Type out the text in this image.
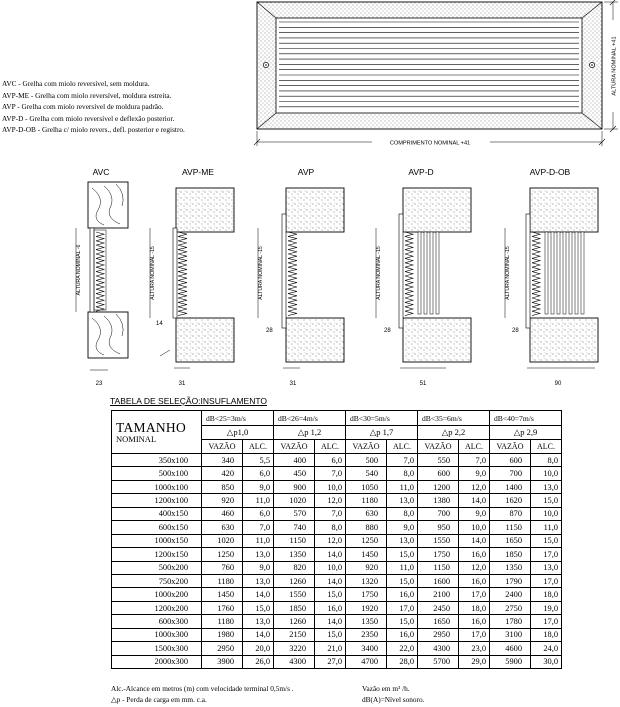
COMPRIMENTO NOMINAL +41
ALTURA NOMINAL +41
AVC - Grelha com miolo reversível, sem moldura.
AVP-ME - Grelha com miolo reversível, moldura estreita.
AVP - Grelha com miolo reversível de moldura padrão.
AVP-D - Grelha com miolo reversível e deflexão posterior.
AVP-D-OB - Grelha c/ miolo revers., defl. posterior e registro.
AVC	AVP-ME	AVP	AVP-D	AVP-D-OB
ALTURA NOMINAL -6
23
ALTURA NOMINAL -15
14
31
ALTURA NOMINAL -15
28
31
ALTURA NOMINAL -15
28
51
ALTURA NOMINAL -15
28
90
TABELA DE SELEÇÃO:INSUFLAMENTO
TAMANHO
NOMINAL	dB<25=3m/s		dB<26=4m/s		dB<30=5m/s		dB<35=6m/s		dB<40=7m/s	
	△p1,0		△p 1,2		△p 1,7		△p 2,2		△p 2,9	
	VAZÃO	ALC.	VAZÃO	ALC.	VAZÃO	ALC.	VAZÃO	ALC.	VAZÃO	ALC.
350x100	340	5,5	400	6,0	500	7,0	550	7,0	600	8,0
500x100	420	6,0	450	7,0	540	8,0	600	9,0	700	10,0
1000x100	850	9,0	900	10,0	1050	11,0	1200	12,0	1400	13,0
1200x100	920	11,0	1020	12,0	1180	13,0	1380	14,0	1620	15,0
400x150	460	6,0	570	7,0	630	8,0	700	9,0	870	10,0
600x150	630	7,0	740	8,0	880	9,0	950	10,0	1150	11,0
1000x150	1020	11,0	1150	12,0	1250	13,0	1550	14,0	1650	15,0
1200x150	1250	13,0	1350	14,0	1450	15,0	1750	16,0	1850	17,0
500x200	760	9,0	820	10,0	920	11,0	1150	12,0	1350	13,0
750x200	1180	13,0	1260	14,0	1320	15,0	1600	16,0	1790	17,0
1000x200	1450	14,0	1550	15,0	1750	16,0	2100	17,0	2400	18,0
1200x200	1760	15,0	1850	16,0	1920	17,0	2450	18,0	2750	19,0
600x300	1180	13,0	1260	14,0	1350	15,0	1650	16,0	1780	17,0
1000x300	1980	14,0	2150	15,0	2350	16,0	2950	17,0	3100	18,0
1500x300	2950	20,0	3220	21,0	3400	22,0	4300	23,0	4600	24,0
2000x300	3900	26,0	4300	27,0	4700	28,0	5700	29,0	5900	30,0
Alc.-Alcance em metros (m) com velocidade terminal 0,5m/s .
△p - Perda de carga em mm. c.a.
Vazão em m³ /h.
dB(A)=Nível sonoro.
